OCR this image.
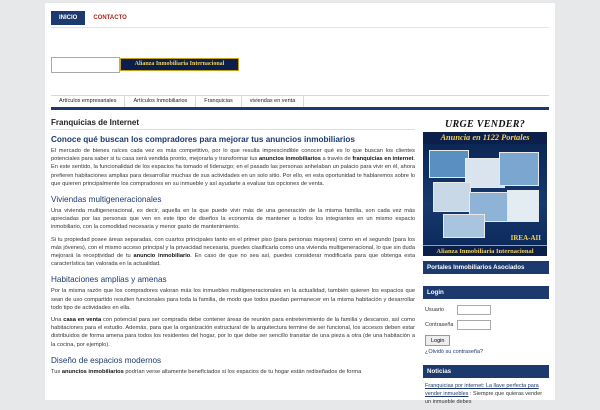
INICIO	CONTACTO
Alianza Inmobiliaria Internacional
Artículos empresariales	Artículos Inmobiliarios	Franquicias	viviendas en venta
Franquicias de Internet
Conoce qué buscan los compradores para mejorar tus anuncios inmobiliarios

El mercado de bienes raíces cada vez es más competitivo, por lo que resulta imprescindible conocer qué es lo que buscan los clientes potenciales para saber si tu casa será vendida pronto, mejorarla y transformar tus anuncios inmobiliarios a través de franquicias en internet. En este sentido, la funcionalidad de los espacios ha tomado el liderazgo; en el pasado las personas anhelaban un palacio para vivir en él, ahora prefieren habitaciones amplias para desarrollar muchas de sus actividades en un solo sitio. Por ello, en esta oportunidad te hablaremos sobre lo que quieren principalmente los compradores en su inmueble y así ayudarte a evaluar tus opciones de venta.

Viviendas multigeneracionales

Una vivienda multigeneracional, es decir, aquella en la que puede vivir más de una generación de la misma familia, son cada vez más apreciadas por las personas que ven en este tipo de diseños la economía de mantener a todos los integrantes en un mismo espacio inmobiliario, con la comodidad necesaria y menor gasto de mantenimiento.

Si tu propiedad posee áreas separadas, con cuartos principales tanto en el primer piso (para personas mayores) como en el segundo (para los más jóvenes), con el mismo acceso principal y la privacidad necesaria, puedes clasificarla como una vivienda multigeneracional, lo que sin duda mejorará la receptividad de tu anuncio inmobiliario. En caso de que no sea así, puedes considerar modificarla para que obtenga esta característica tan valorada en la actualidad.

Habitaciones amplias y amenas

Por la misma razón que los compradores valoran más los inmuebles multigeneracionales en la actualidad, también quieren los espacios que sean de uso compartido resulten funcionales para toda la familia, de modo que todos puedan permanecer en la misma habitación y desarrollar todo tipo de actividades en ella.

Una casa en venta con potencial para ser comprada debe contener áreas de reunión para entretenimiento de la familia y descanso, así como habitaciones para el estudio. Además, para que la organización estructural de la arquitectura termine de ser funcional, los accesos deben estar distribuidos de forma amena para todos los residentes del hogar, por lo que debe ser sencillo transitar de una pieza a otra (de una habitación a la cocina, por ejemplo).

Diseño de espacios modernos

Tus anuncios inmobiliarios podrían verse altamente beneficiados si los espacios de tu hogar están rediseñados de forma

URGE VENDER?
Anuncia en 1122 Portales
IREA-AII
Alianza Inmobiliaria Internacional
Portales Inmobiliarios Asociados
Login
Usuario
Contraseña
Login
¿Olvidó su contraseña?
Noticias
Franquicias por internet: La llave perfecta para vender inmuebles : Siempre que quieras vender un inmueble debes
